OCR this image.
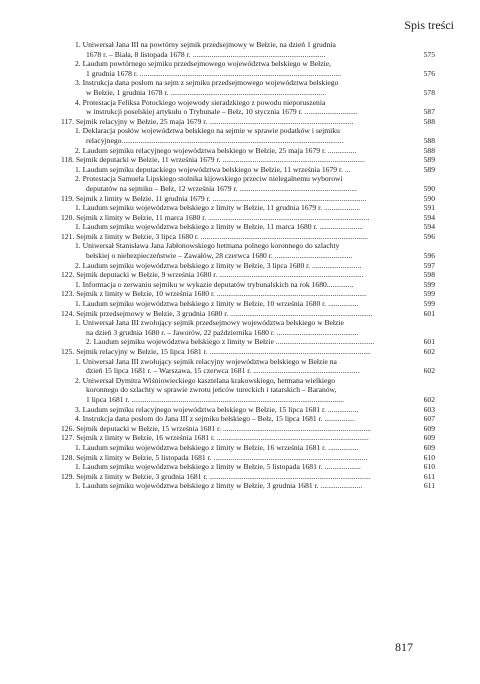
Spis treści
1. Uniwersał Jana III na powtórny sejmik przedsejmowy w Bełzie, na dzień 1 grudnia
1678 r. – Biała, 8 listopada 1678 r. ......................................................................	575
2. Laudum powtórnego sejmiku przedsejmowego województwa bełskiego w Bełzie,
1 grudnia 1678 r. ..........................................................................................................	576
3. Instrukcja dana posłom na sejm z sejmiku przedsejmowego województwa bełskiego
w Bełzie, 1 grudnia 1678 r. ..................................................................................	578
4. Protestacja Feliksa Potockiego wojewody sieradzkiego z powodu nieporuszenia
w instrukcji poselskiej artykułu o Trybunale – Bełz, 10 stycznia 1679 r. ............................	587
117. Sejmik relacyjny w Bełzie, 25 maja 1679 r. ............................................................................	588
1. Deklaracja posłów województwa bełskiego na sejmie w sprawie podatków i sejmiku
relacyjnego.....................................................................................................................	588
2. Laudum sejmiku relacyjnego województwa bełskiego w Bełzie, 25 maja 1679 r. ...............	588
118. Sejmik deputacki w Bełzie, 11 września 1679 r. ...........................................................................	589
1. Laudum sejmiku deputackiego województwa bełskiego w Bełzie, 11 września 1679 r. ...	589
2. Protestacja Samuela Lipskiego stolnika kijowskiego przeciw nielegalnemu wyborowi
deputatów na sejmiku – Bełz, 12 września 1679 r. ..............................................................	590
119. Sejmik z limity w Bełzie, 11 grudnia 1679 r. .................................................................................	590
1. Laudum sejmiku województwa bełskiego z limity w Bełzie, 11 grudnia 1679 r. ...................	591
120. Sejmik z limity w Bełzie, 11 marca 1680 r. .....................................................................................	594
1. Laudum sejmiku województwa bełskiego z limity w Bełzie, 11 marca 1680 r. .......................	594
121. Sejmik z limity w Bełzie, 3 lipca 1680 r. ........................................................................................	596
1. Uniwersał Stanisława Jana Jabłonowskiego hetmana polnego koronnego do szlachty
bełskiej o niebezpieczeństwie – Zawałów, 28 czerwca 1680 r. .........................................	596
2. Laudum sejmiku województwa bełskiego z limity w Bełzie, 3 lipca 1680 r. ..........................	597
122. Sejmik deputacki w Bełzie, 9 września 1680 r. ............................................................................	598
1. Informacja o zerwaniu sejmiku w wykazie deputatów trybunalskich na rok 1680..............	599
123. Sejmik z limity w Bełzie, 10 września 1680 r. ...............................................................................	599
1. Laudum sejmiku województwa bełskiego z limity w Bełzie, 10 września 1680 r. ................	599
124. Sejmik przedsejmowy w Bełzie, 3 grudnia 1680 r. ...........................................................................	601
1. Uniwersał Jana III zwołujący sejmik przedsejmowy województwa bełskiego w Bełzie
na dzień 3 grudnia 1680 r. – Jaworów, 22 października 1680 r. ...........................................
2. Laudum sejmiku województwa bełskiego z limity w Bełzie ....................................................	601
125. Sejmik relacyjny w Bełzie, 15 lipca 1681 r. .....................................................................................	602
1. Uniwersał Jana III zwołujący sejmik relacyjny województwa bełskiego w Bełzie na
dzień 15 lipca 1681 r. – Warszawa, 15 czerwca 1681 r. ........................................................	602
2. Uniwersał Dymitra Wiśniowieckiego kasztelana krakowskiego, hetmana wielkiego
koronnego do szlachty w sprawie zwrotu jeńców tureckich i tatarskich – Baranów,
1 lipca 1681 r. ................................................................................................................	602
3. Laudum sejmiku relacyjnego województwa bełskiego w Bełzie, 15 lipca 1681 r. ................	603
4. Instrukcja dana posłom do Jana III z sejmiku bełskiego – Bełz, 15 lipca 1681 r. ................	607
126. Sejmik deputacki w Bełzie, 15 września 1681 r. ..............................................................................	609
127. Sejmik z limity w Bełzie, 16 września 1681 r. ................................................................................	609
1. Laudum sejmiku województwa bełskiego z limity w Bełzie, 16 września 1681 r. ................	609
128. Sejmik z limity w Bełzie, 5 listopada 1681 r. .................................................................................	610
1. Laudum sejmiku województwa bełskiego z limity w Bełzie, 5 listopada 1681 r. ...................	610
129. Sejmik z limity w Bełzie, 3 grudnia 1681 r. .....................................................................................	611
1. Laudum sejmiku województwa bełskiego z limity w Bełzie, 3 grudnia 1681 r. ......................	611
817
